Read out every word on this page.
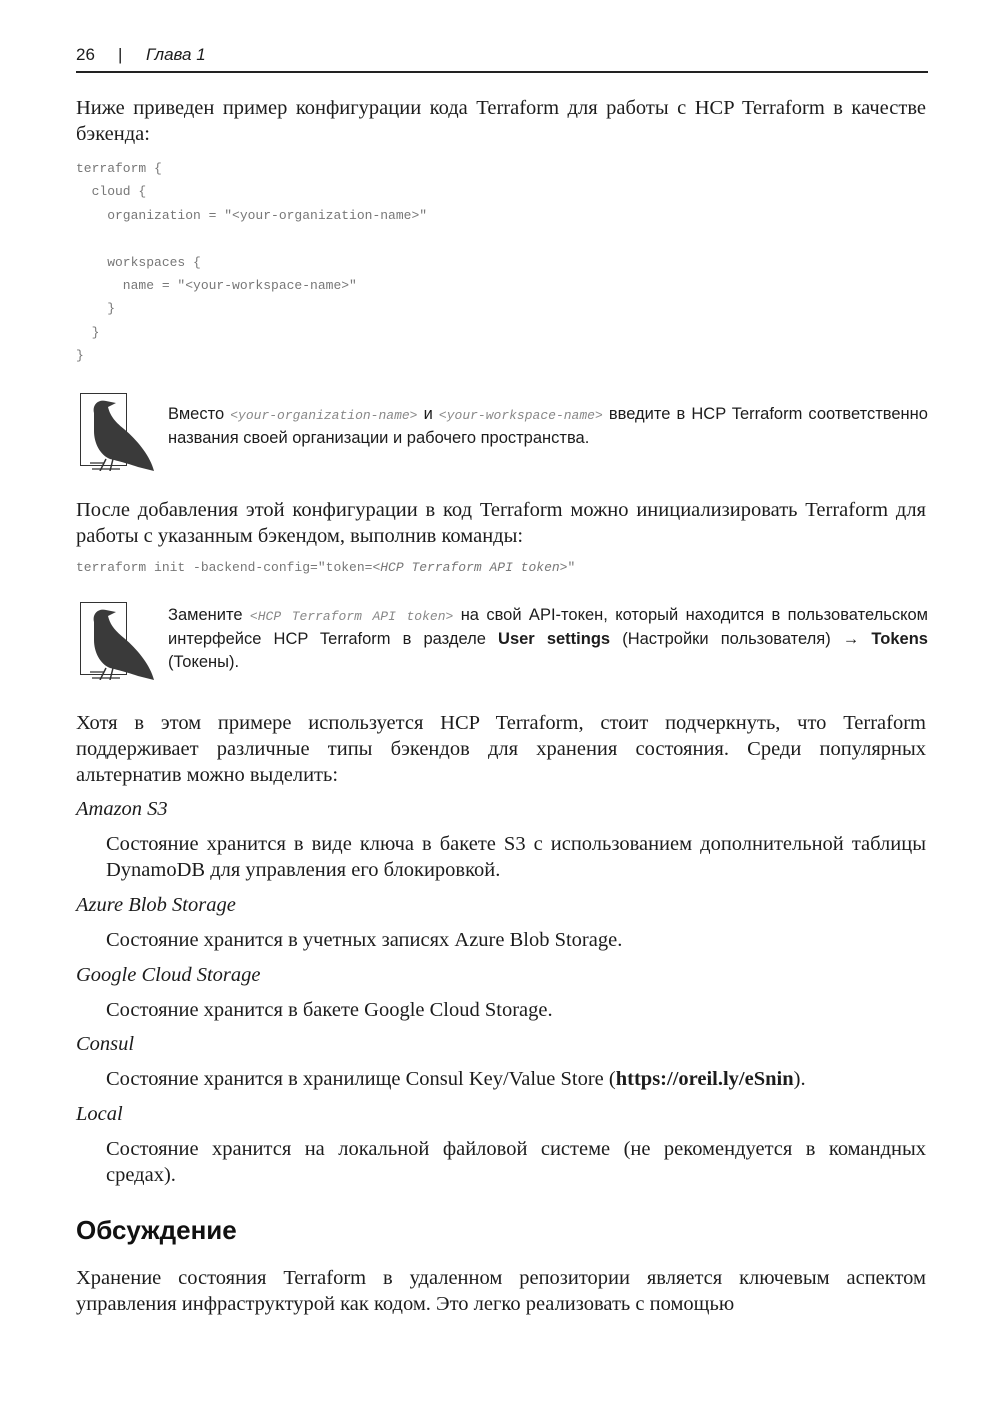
26 | Глава 1
Ниже приведен пример конфигурации кода Terraform для работы с HCP Terraform в качестве бэкенда:
terraform {
cloud {
organization = "<your-organization-name>"

workspaces {
name = "<your-workspace-name>"
}
}
}
Вместо <your-organization-name> и <your-workspace-name> введите в HCP Terraform соответственно названия своей организации и рабочего пространства.
После добавления этой конфигурации в код Terraform можно инициализировать Terraform для работы с указанным бэкендом, выполнив команды:
terraform init -backend-config="token=<HCP Terraform API token>"
Замените <HCP Terraform API token> на свой API-токен, который находится в пользовательском интерфейсе HCP Terraform в разделе User settings (Настройки пользователя) → Tokens (Токены).
Хотя в этом примере используется HCP Terraform, стоит подчеркнуть, что Terraform поддерживает различные типы бэкендов для хранения состояния. Среди популярных альтернатив можно выделить:
Amazon S3
Состояние хранится в виде ключа в бакете S3 с использованием дополнительной таблицы DynamoDB для управления его блокировкой.
Azure Blob Storage
Состояние хранится в учетных записях Azure Blob Storage.
Google Cloud Storage
Состояние хранится в бакете Google Cloud Storage.
Consul
Состояние хранится в хранилище Consul Key/Value Store (https://oreil.ly/eSnin).
Local
Состояние хранится на локальной файловой системе (не рекомендуется в командных средах).
Обсуждение
Хранение состояния Terraform в удаленном репозитории является ключевым аспектом управления инфраструктурой как кодом. Это легко реализовать с помощью
